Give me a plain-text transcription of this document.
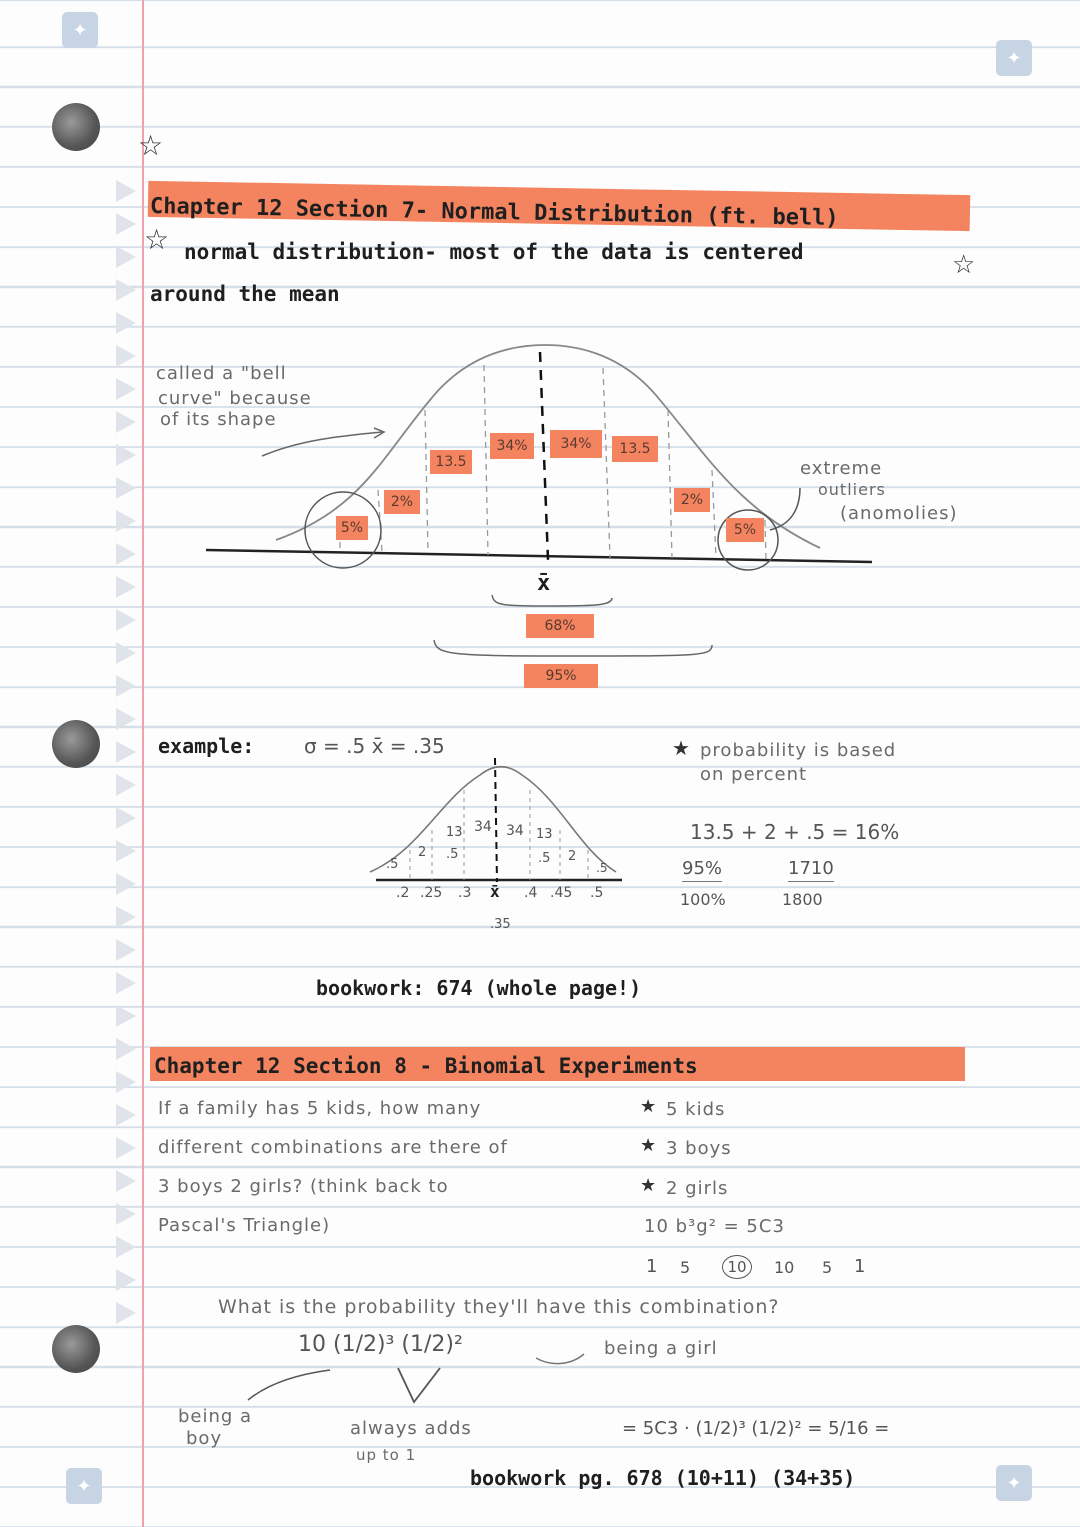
✦
✦
✦	✦
☆
Chapter 12 Section 7- Normal Distribution (ft. bell)
☆ normal distribution- most of the data is centered	☆
around the mean
5%
2%
13.5
34%	34%	13.5
2%
5%
called a "bell
curve" because
of its shape
extreme
outliers
(anomolies)
x̄
68%
95%
example: σ = .5 x̄ = .35
.5
2
13
.5
34 34 13
.5 2
.5
.2 .25 .3 x̄ .4 .45 .5
.35
★ probability is based
on percent
13.5 + 2 + .5 = 16%
95%
100%
1710
1800
bookwork: 674 (whole page!)
Chapter 12 Section 8 - Binomial Experiments
If a family has 5 kids, how many
different combinations are there of
3 boys 2 girls? (think back to
Pascal's Triangle)
★ 5 kids
★ 3 boys
★ 2 girls
10 b³g² = 5C3
1 5	10	10 5 1
What is the probability they'll have this combination?
10 (1/2)³ (1/2)²	being a girl
being a
boy	always adds
up to 1
= 5C3 · (1/2)³ (1/2)² = 5/16 =
bookwork pg. 678 (10+11) (34+35)
